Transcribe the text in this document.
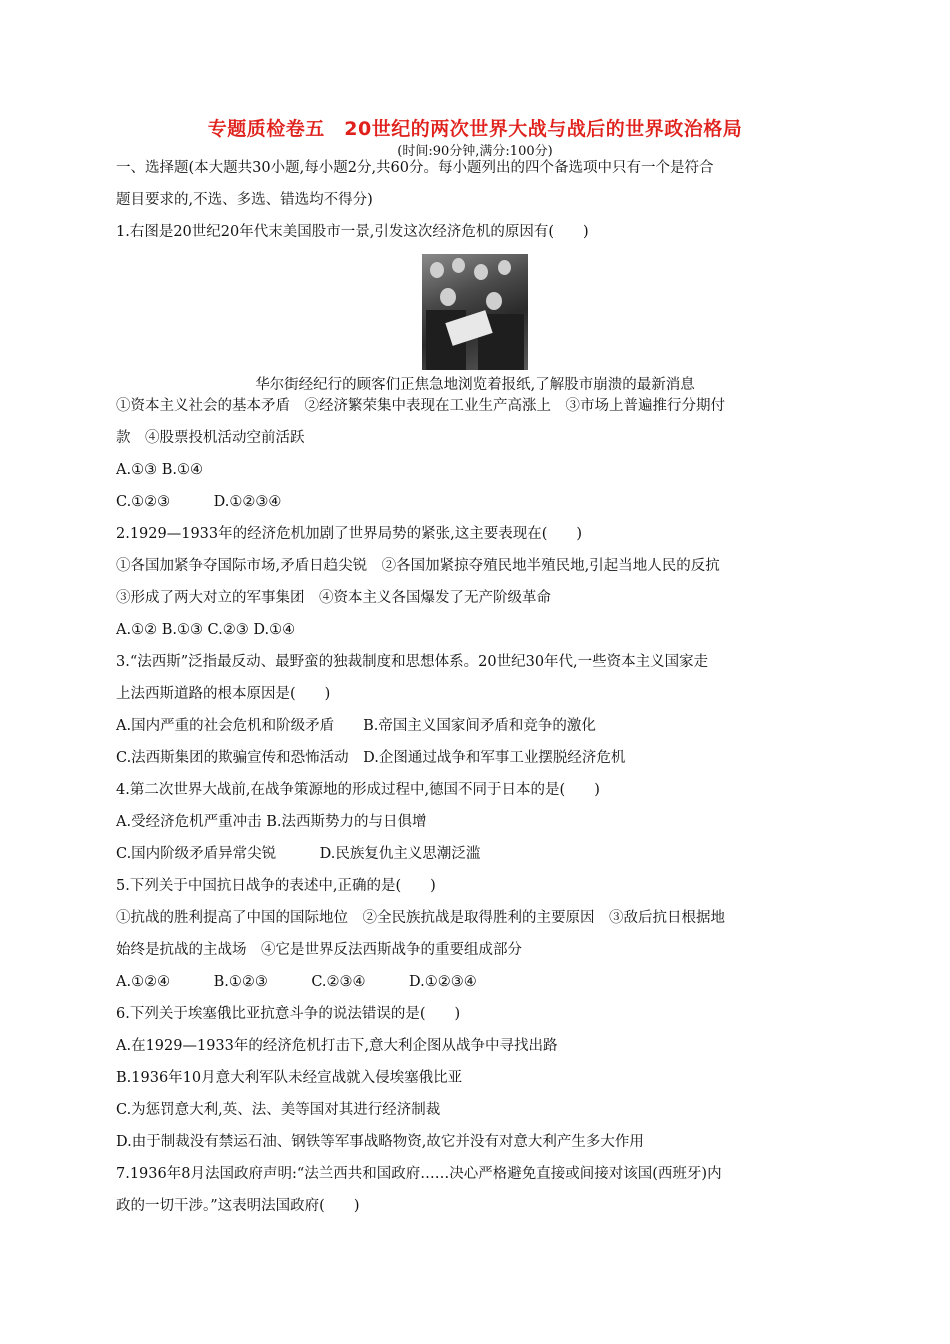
专题质检卷五　20世纪的两次世界大战与战后的世界政治格局
(时间:90分钟,满分:100分)
一、选择题(本大题共30小题,每小题2分,共60分。每小题列出的四个备选项中只有一个是符合
题目要求的,不选、多选、错选均不得分)
1.右图是20世纪20年代末美国股市一景,引发这次经济危机的原因有(　　)
华尔街经纪行的顾客们正焦急地浏览着报纸,了解股市崩溃的最新消息
①资本主义社会的基本矛盾　②经济繁荣集中表现在工业生产高涨上　③市场上普遍推行分期付
款　④股票投机活动空前活跃
A.①③ B.①④
C.①②③　　　D.①②③④
2.1929—1933年的经济危机加剧了世界局势的紧张,这主要表现在(　　)
①各国加紧争夺国际市场,矛盾日趋尖锐　②各国加紧掠夺殖民地半殖民地,引起当地人民的反抗
③形成了两大对立的军事集团　④资本主义各国爆发了无产阶级革命
A.①② B.①③ C.②③ D.①④
3.“法西斯”泛指最反动、最野蛮的独裁制度和思想体系。20世纪30年代,一些资本主义国家走
上法西斯道路的根本原因是(　　)
A.国内严重的社会危机和阶级矛盾　　B.帝国主义国家间矛盾和竞争的激化
C.法西斯集团的欺骗宣传和恐怖活动　D.企图通过战争和军事工业摆脱经济危机
4.第二次世界大战前,在战争策源地的形成过程中,德国不同于日本的是(　　)
A.受经济危机严重冲击 B.法西斯势力的与日俱增
C.国内阶级矛盾异常尖锐　　　D.民族复仇主义思潮泛滥
5.下列关于中国抗日战争的表述中,正确的是(　　)
①抗战的胜利提高了中国的国际地位　②全民族抗战是取得胜利的主要原因　③敌后抗日根据地
始终是抗战的主战场　④它是世界反法西斯战争的重要组成部分
A.①②④　　　B.①②③　　　C.②③④　　　D.①②③④
6.下列关于埃塞俄比亚抗意斗争的说法错误的是(　　)
A.在1929—1933年的经济危机打击下,意大利企图从战争中寻找出路
B.1936年10月意大利军队未经宣战就入侵埃塞俄比亚
C.为惩罚意大利,英、法、美等国对其进行经济制裁
D.由于制裁没有禁运石油、钢铁等军事战略物资,故它并没有对意大利产生多大作用
7.1936年8月法国政府声明:“法兰西共和国政府……决心严格避免直接或间接对该国(西班牙)内
政的一切干涉。”这表明法国政府(　　)
